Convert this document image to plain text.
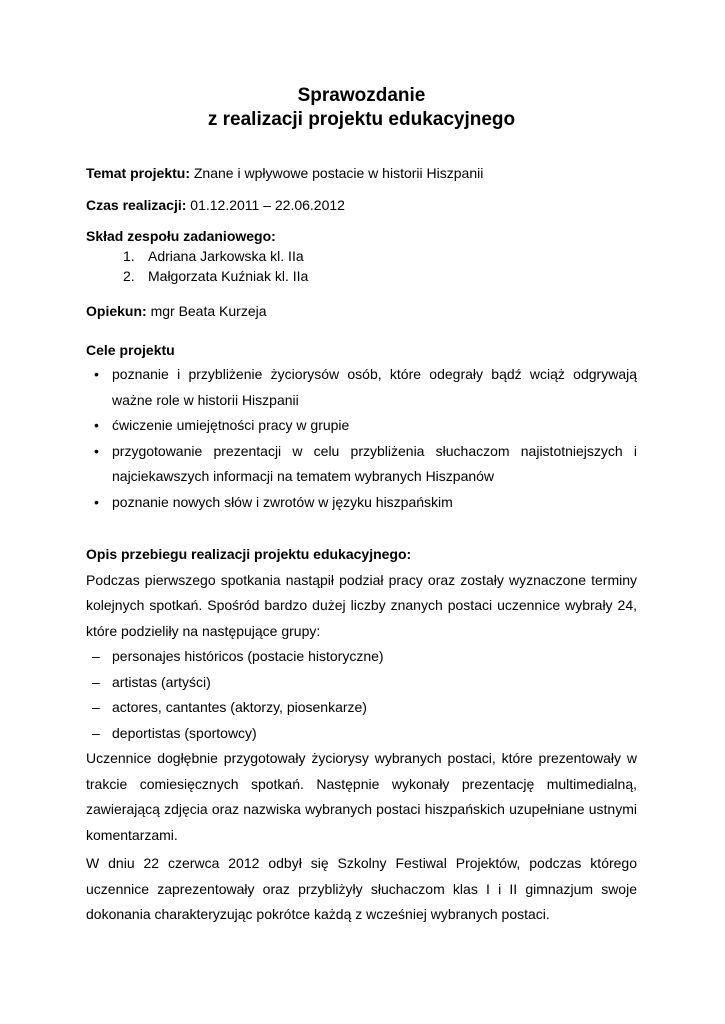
Sprawozdanie
z realizacji projektu edukacyjnego
Temat projektu: Znane i wpływowe postacie w historii Hiszpanii
Czas realizacji: 01.12.2011 – 22.06.2012
Skład zespołu zadaniowego:
1. Adriana Jarkowska kl. IIa
2. Małgorzata Kuźniak kl. IIa
Opiekun: mgr Beata Kurzeja
Cele projektu
• poznanie i przybliżenie życiorysów osób, które odegrały bądź wciąż odgrywają ważne role w historii Hiszpanii
• ćwiczenie umiejętności pracy w grupie
• przygotowanie prezentacji w celu przybliżenia słuchaczom najistotniejszych i najciekawszych informacji na tematem wybranych Hiszpanów
• poznanie nowych słów i zwrotów w języku hiszpańskim
Opis przebiegu realizacji projektu edukacyjnego:

Podczas pierwszego spotkania nastąpił podział pracy oraz zostały wyznaczone terminy kolejnych spotkań. Spośród bardzo dużej liczby znanych postaci uczennice wybrały 24, które podzieliły na następujące grupy:

– personajes históricos (postacie historyczne)
– artistas (artyści)
– actores, cantantes (aktorzy, piosenkarze)
– deportistas (sportowcy)

Uczennice dogłębnie przygotowały życiorysy wybranych postaci, które prezentowały w trakcie comiesięcznych spotkań. Następnie wykonały prezentację multimedialną, zawierającą zdjęcia oraz nazwiska wybranych postaci hiszpańskich uzupełniane ustnymi komentarzami.

W dniu 22 czerwca 2012 odbył się Szkolny Festiwal Projektów, podczas którego uczennice zaprezentowały oraz przybliżyły słuchaczom klas I i II gimnazjum swoje dokonania charakteryzując pokrótce każdą z wcześniej wybranych postaci.
